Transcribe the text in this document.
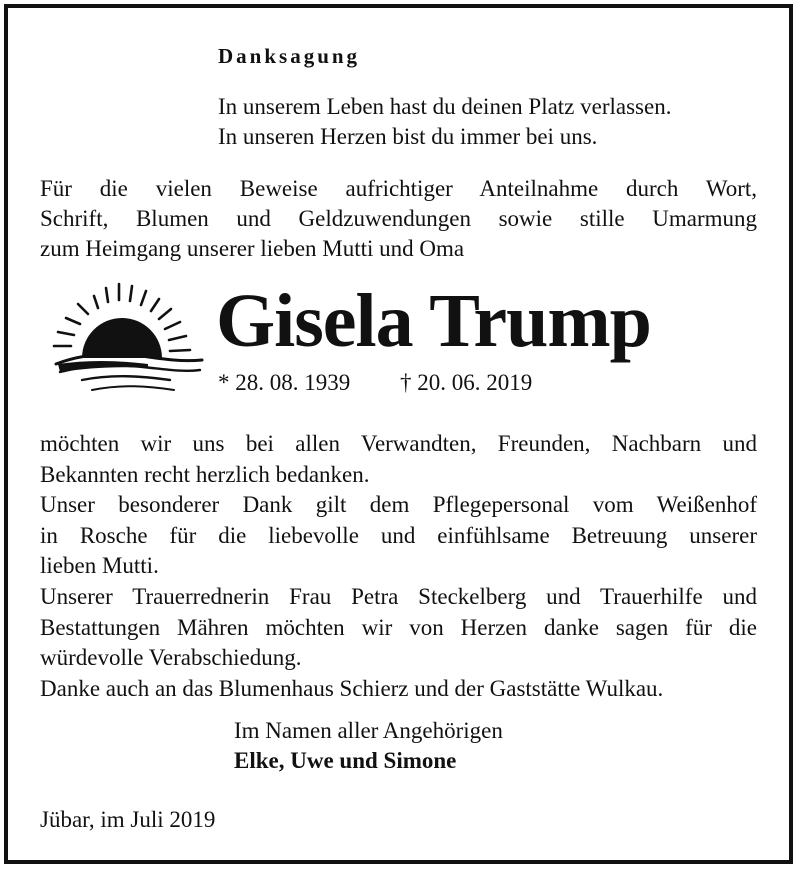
Danksagung
In unserem Leben hast du deinen Platz verlassen.
In unseren Herzen bist du immer bei uns.
Für die vielen Beweise aufrichtiger Anteilnahme durch Wort,
Schrift, Blumen und Geldzuwendungen sowie stille Umarmung
zum Heimgang unserer lieben Mutti und Oma
Gisela Trump
* 28. 08. 1939 † 20. 06. 2019
möchten wir uns bei allen Verwandten, Freunden, Nachbarn und
Bekannten recht herzlich bedanken.
Unser besonderer Dank gilt dem Pflegepersonal vom Weißenhof
in Rosche für die liebevolle und einfühlsame Betreuung unserer
lieben Mutti.
Unserer Trauerrednerin Frau Petra Steckelberg und Trauerhilfe und
Bestattungen Mähren möchten wir von Herzen danke sagen für die
würdevolle Verabschiedung.
Danke auch an das Blumenhaus Schierz und der Gaststätte Wulkau.
Im Namen aller Angehörigen
Elke, Uwe und Simone
Jübar, im Juli 2019
